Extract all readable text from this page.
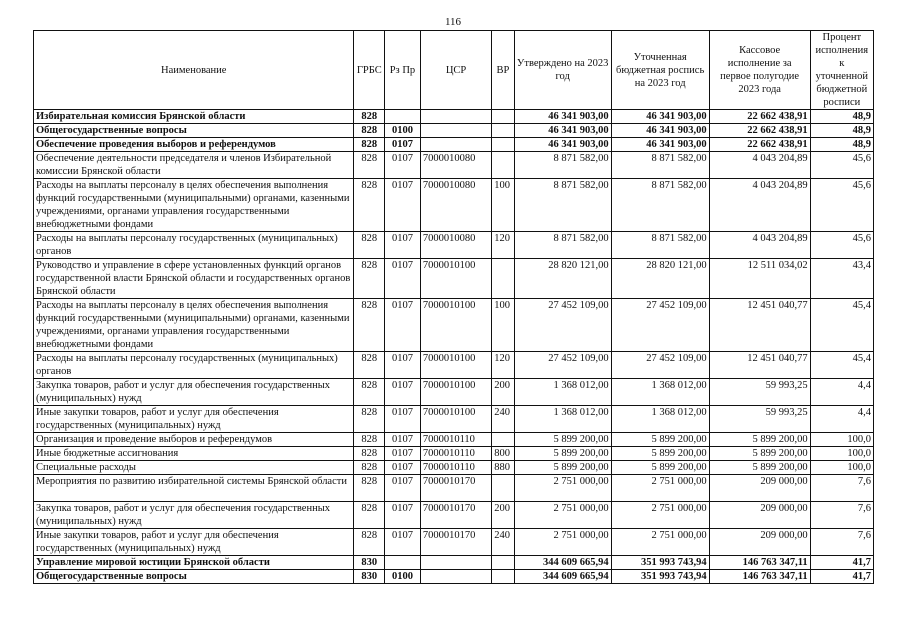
116
Наименование	ГРБС	Рз Пр	ЦСР	ВР	Утверждено на 2023 год	Уточненная бюджетная роспись на 2023 год	Кассовое исполнение за первое полугодие 2023 года	Процент исполнения к уточненной бюджетной росписи
Избирательная комиссия Брянской области	828				46 341 903,00	46 341 903,00	22 662 438,91	48,9
Общегосударственные вопросы	828	0100			46 341 903,00	46 341 903,00	22 662 438,91	48,9
Обеспечение проведения выборов и референдумов	828	0107			46 341 903,00	46 341 903,00	22 662 438,91	48,9
Обеспечение деятельности председателя и членов Избирательной комиссии Брянской области	828	0107	7000010080		8 871 582,00	8 871 582,00	4 043 204,89	45,6
Расходы на выплаты персоналу в целях обеспечения выполнения функций государственными (муниципальными) органами, казенными учреждениями, органами управления государственными внебюджетными фондами	828	0107	7000010080	100	8 871 582,00	8 871 582,00	4 043 204,89	45,6
Расходы на выплаты персоналу государственных (муниципальных) органов	828	0107	7000010080	120	8 871 582,00	8 871 582,00	4 043 204,89	45,6
Руководство и управление в сфере установленных функций органов государственной власти Брянской области и государственных органов Брянской области	828	0107	7000010100		28 820 121,00	28 820 121,00	12 511 034,02	43,4
Расходы на выплаты персоналу в целях обеспечения выполнения функций государственными (муниципальными) органами, казенными учреждениями, органами управления государственными внебюджетными фондами	828	0107	7000010100	100	27 452 109,00	27 452 109,00	12 451 040,77	45,4
Расходы на выплаты персоналу государственных (муниципальных) органов	828	0107	7000010100	120	27 452 109,00	27 452 109,00	12 451 040,77	45,4
Закупка товаров, работ и услуг для обеспечения государственных (муниципальных) нужд	828	0107	7000010100	200	1 368 012,00	1 368 012,00	59 993,25	4,4
Иные закупки товаров, работ и услуг для обеспечения государственных (муниципальных) нужд	828	0107	7000010100	240	1 368 012,00	1 368 012,00	59 993,25	4,4
Организация и проведение выборов и референдумов	828	0107	7000010110		5 899 200,00	5 899 200,00	5 899 200,00	100,0
Иные бюджетные ассигнования	828	0107	7000010110	800	5 899 200,00	5 899 200,00	5 899 200,00	100,0
Специальные расходы	828	0107	7000010110	880	5 899 200,00	5 899 200,00	5 899 200,00	100,0
Мероприятия по развитию избирательной системы Брянской области	828	0107	7000010170		2 751 000,00	2 751 000,00	209 000,00	7,6
Закупка товаров, работ и услуг для обеспечения государственных (муниципальных) нужд	828	0107	7000010170	200	2 751 000,00	2 751 000,00	209 000,00	7,6
Иные закупки товаров, работ и услуг для обеспечения государственных (муниципальных) нужд	828	0107	7000010170	240	2 751 000,00	2 751 000,00	209 000,00	7,6
Управление мировой юстиции Брянской области	830				344 609 665,94	351 993 743,94	146 763 347,11	41,7
Общегосударственные вопросы	830	0100			344 609 665,94	351 993 743,94	146 763 347,11	41,7
